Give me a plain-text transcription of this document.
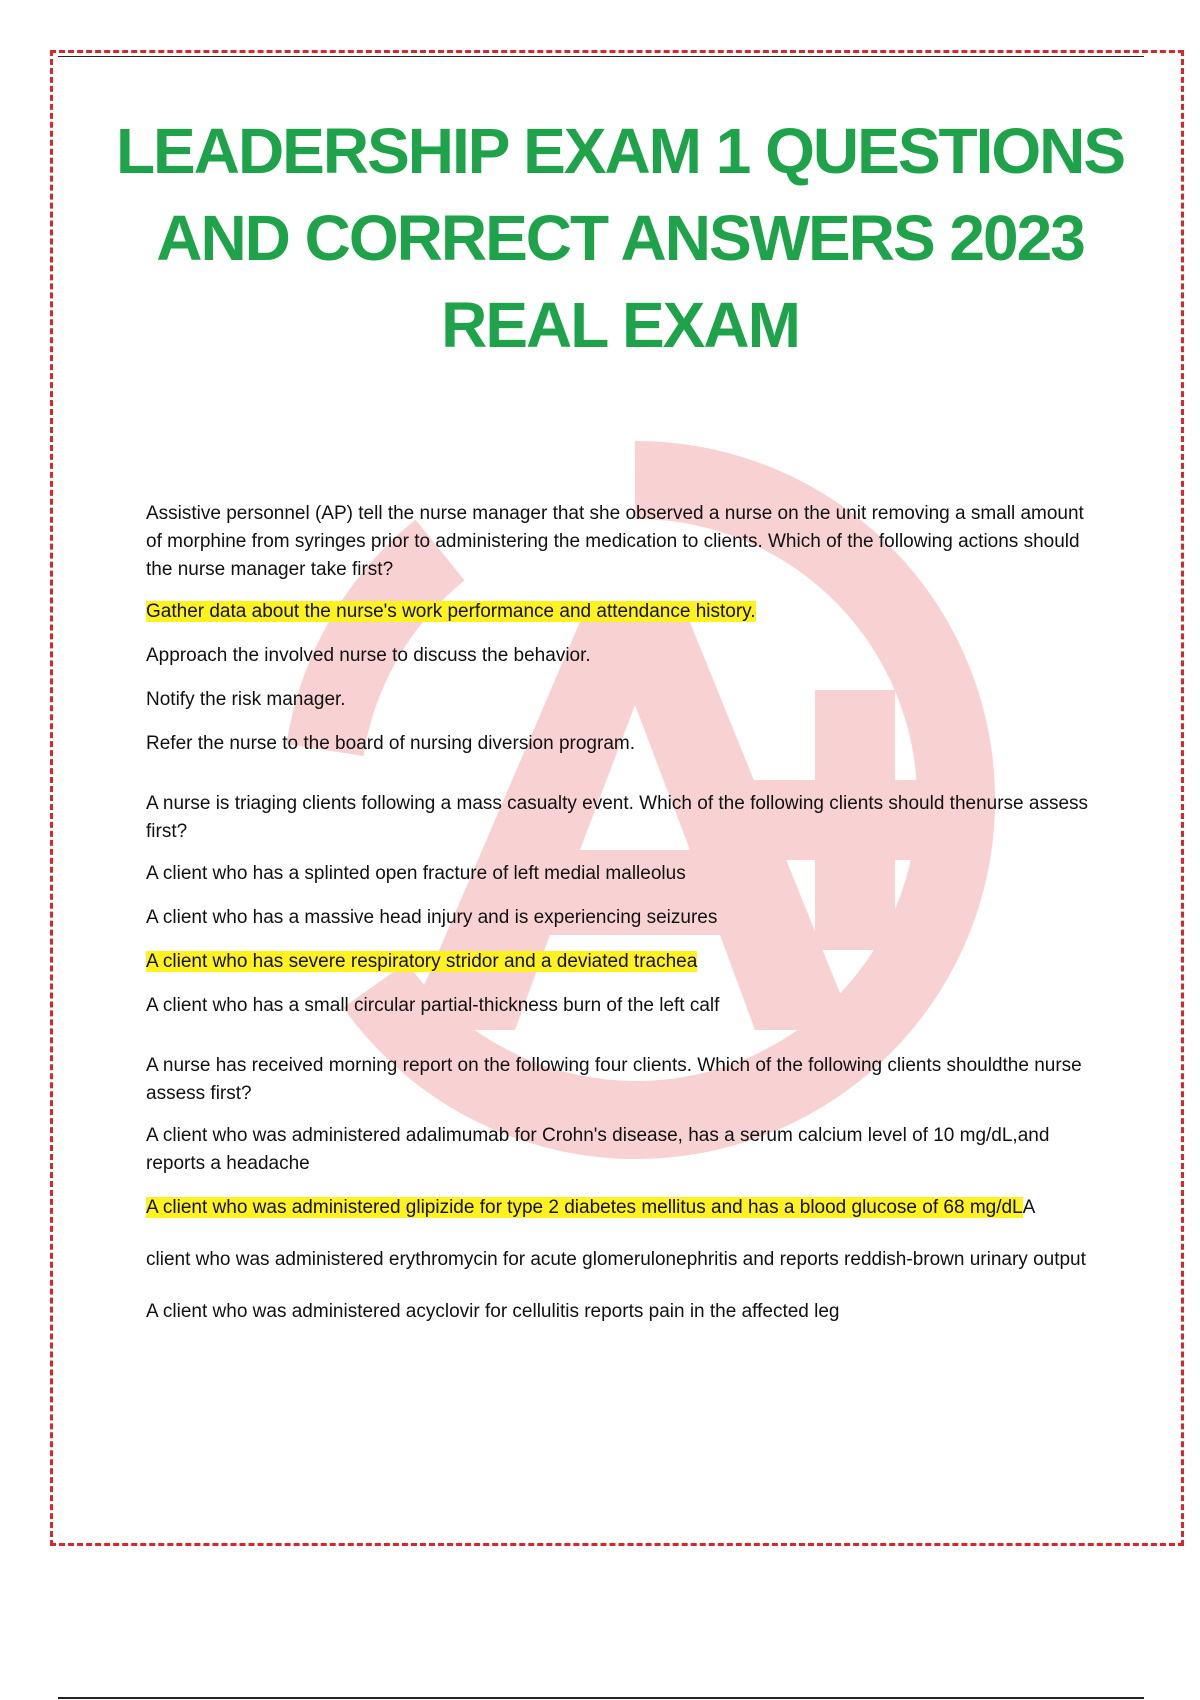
LEADERSHIP EXAM 1 QUESTIONS AND CORRECT ANSWERS 2023 REAL EXAM

Assistive personnel (AP) tell the nurse manager that she observed a nurse on the unit removing a small amount of morphine from syringes prior to administering the medication to clients. Which of the following actions should the nurse manager take first?

Gather data about the nurse's work performance and attendance history.

Approach the involved nurse to discuss the behavior.

Notify the risk manager.

Refer the nurse to the board of nursing diversion program.

A nurse is triaging clients following a mass casualty event. Which of the following clients should thenurse assess first?

A client who has a splinted open fracture of left medial malleolus

A client who has a massive head injury and is experiencing seizures

A client who has severe respiratory stridor and a deviated trachea

A client who has a small circular partial-thickness burn of the left calf

A nurse has received morning report on the following four clients. Which of the following clients shouldthe nurse assess first?

A client who was administered adalimumab for Crohn's disease, has a serum calcium level of 10 mg/dL,and reports a headache

A client who was administered glipizide for type 2 diabetes mellitus and has a blood glucose of 68 mg/dLA

client who was administered erythromycin for acute glomerulonephritis and reports reddish-brown urinary output

A client who was administered acyclovir for cellulitis reports pain in the affected leg
